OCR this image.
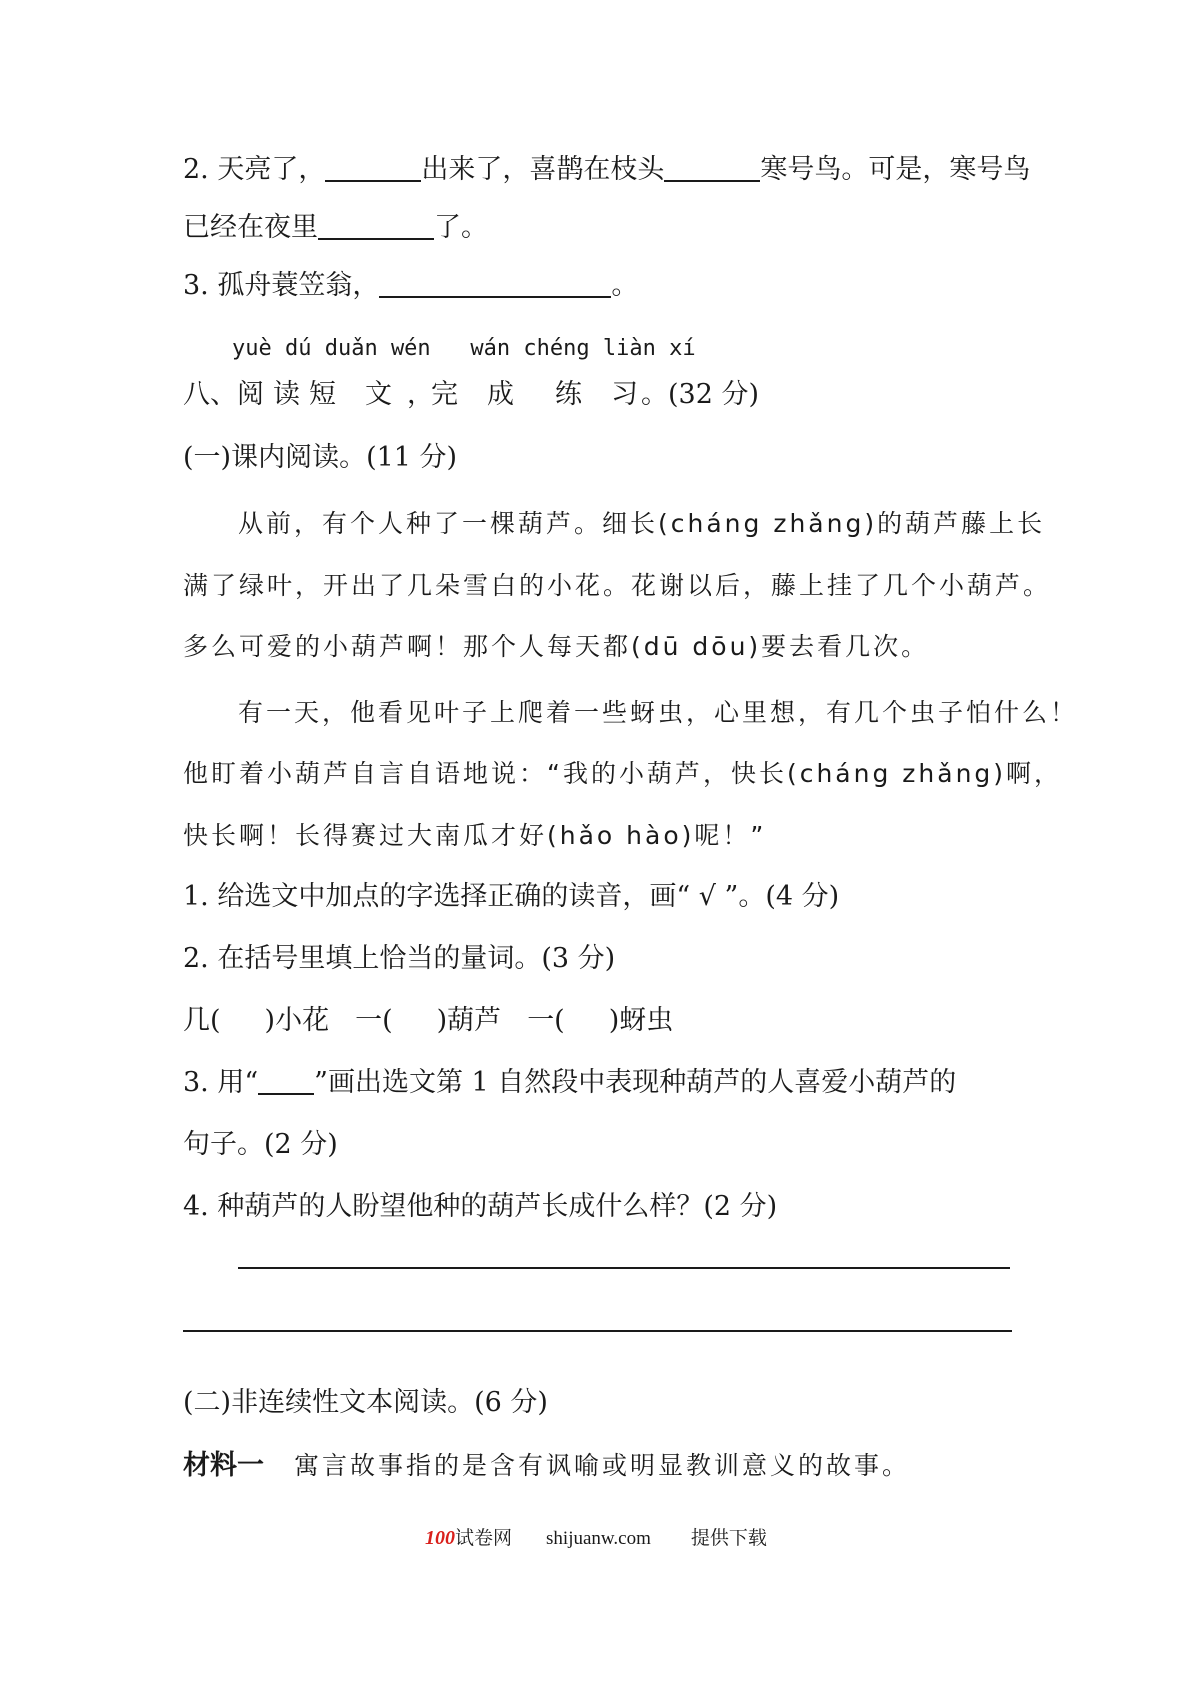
2. 天亮了，	出来了，喜鹊在枝头	寒号鸟。可是，寒号鸟
已经在夜里	了。
3. 孤舟蓑笠翁，	。
yuè dú duǎn wén   wán chéng liàn xí
八、阅 读 短 文 ，完 成 练 习 。(32 分)
(一)课内阅读。(11 分)
从前，有个人种了一棵葫芦。细长(cháng zhǎng)的葫芦藤上长
满了绿叶，开出了几朵雪白的小花。花谢以后，藤上挂了几个小葫芦。
多么可爱的小葫芦啊！那个人每天都(dū dōu)要去看几次。
有一天，他看见叶子上爬着一些蚜虫，心里想，有几个虫子怕什么！
他盯着小葫芦自言自语地说：“我的小葫芦，快长(cháng zhǎng)啊，
快长啊！长得赛过大南瓜才好(hǎo hào)呢！”
1. 给选文中加点的字选择正确的读音，画“ √ ”。(4 分)
2. 在括号里填上恰当的量词。(3 分)
几( )小花 一( )葫芦 一( )蚜虫
3. 用“ ”画出选文第 1 自然段中表现种葫芦的人喜爱小葫芦的
句子。(2 分)
4. 种葫芦的人盼望他种的葫芦长成什么样？(2 分)
(二)非连续性文本阅读。(6 分)
材料一 寓言故事指的是含有讽喻或明显教训意义的故事。
100试卷网 shijuanw.com 提供下载
